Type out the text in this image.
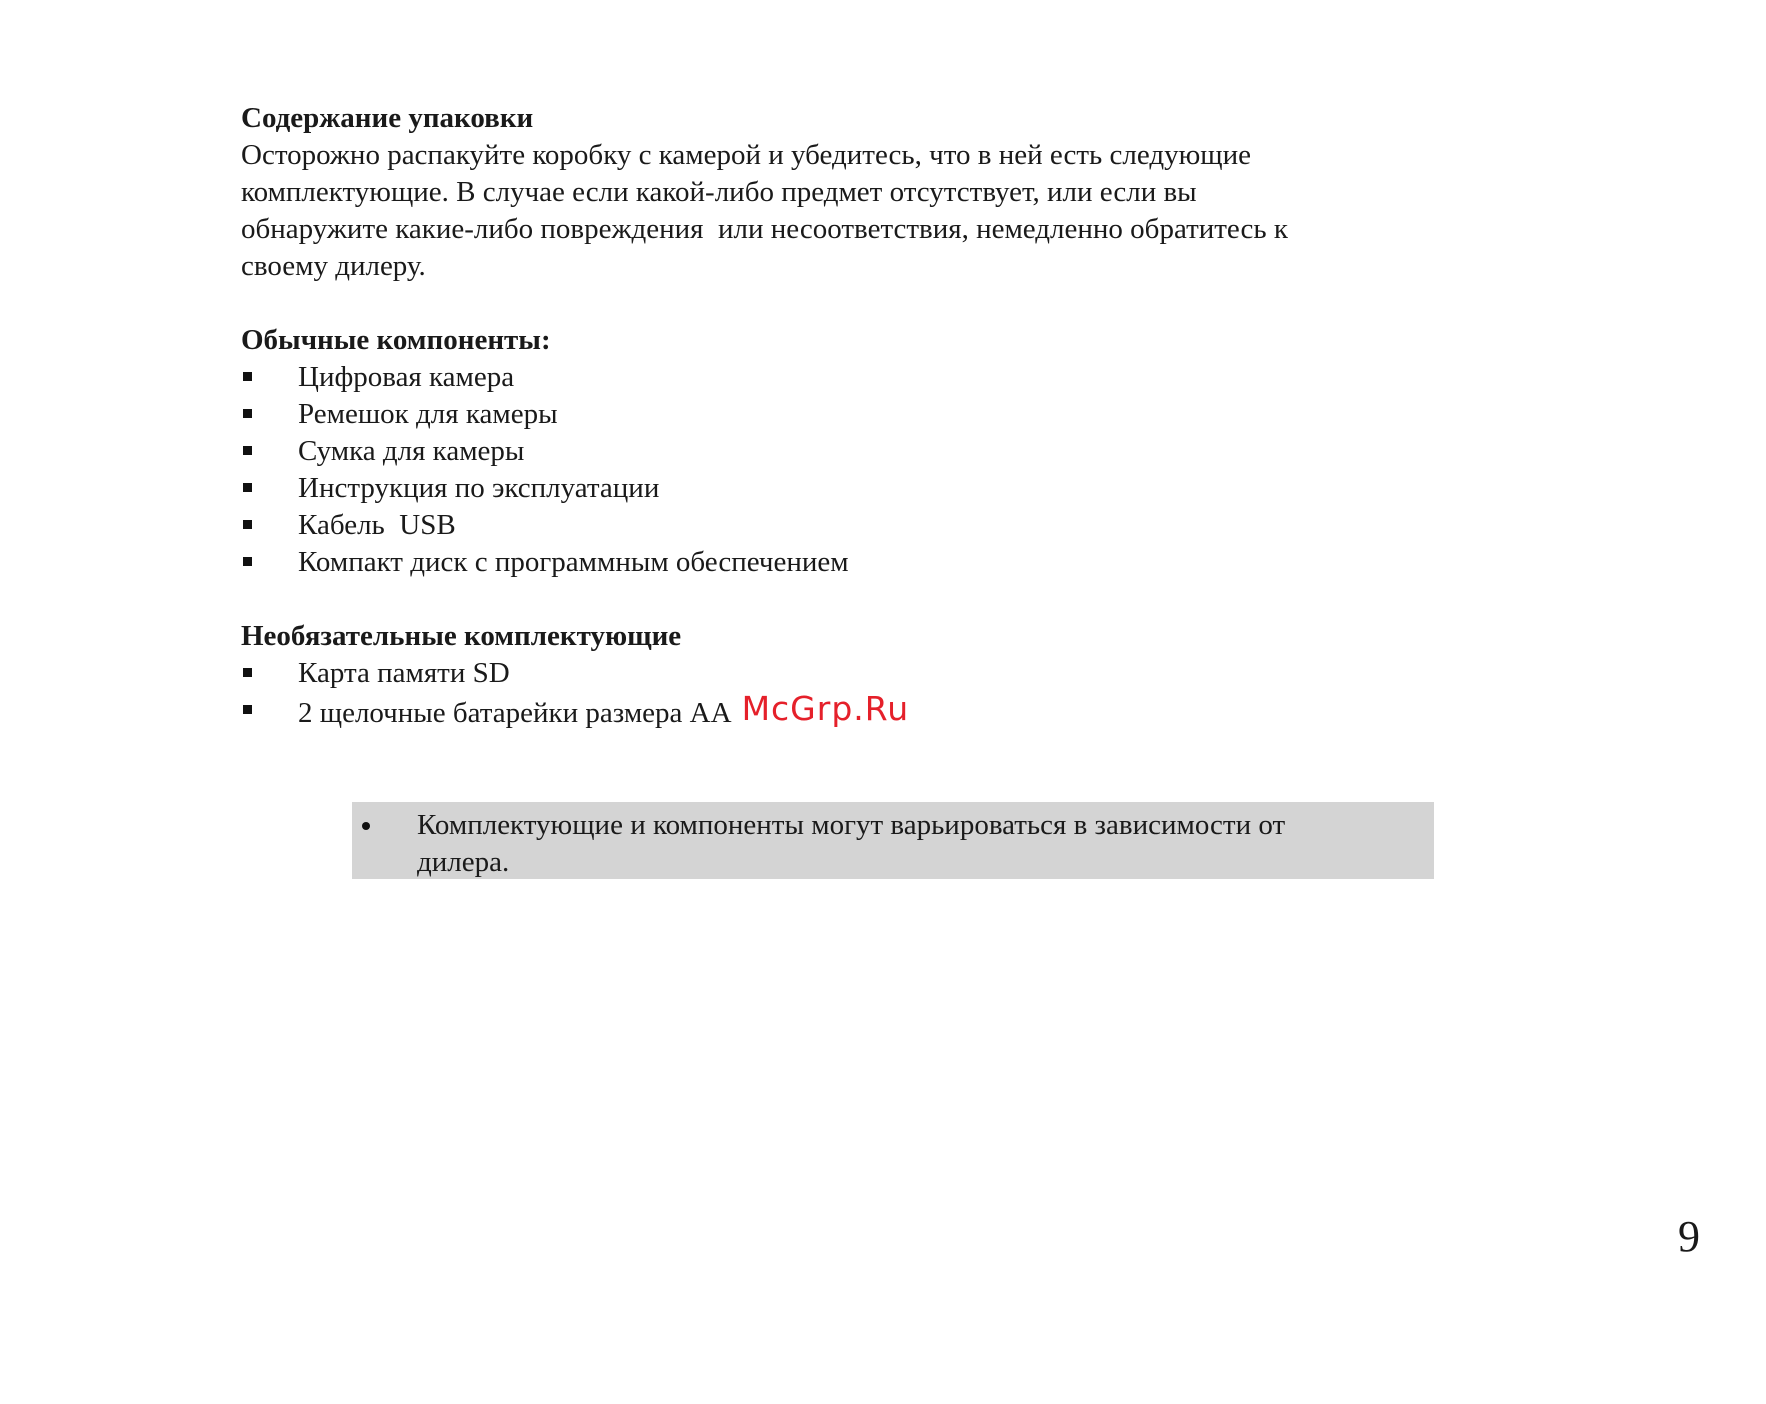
Содержание упаковки

Осторожно распакуйте коробку с камерой и убедитесь, что в ней есть следующие

комплектующие. В случае если какой-либо предмет отсутствует, или если вы

обнаружите какие-либо повреждения  или несоответствия, немедленно обратитесь к

своему дилеру.

Обычные компоненты:

Цифровая камера
Ремешок для камеры
Сумка для камеры
Инструкция по эксплуатации
Кабель  USB
Компакт диск с программным обеспечением

Необязательные комплектующие

Карта памяти SD
2 щелочные батарейки размера АА McGrp.Ru

Комплектующие и компоненты могут варьироваться в зависимости от

дилера.

9
